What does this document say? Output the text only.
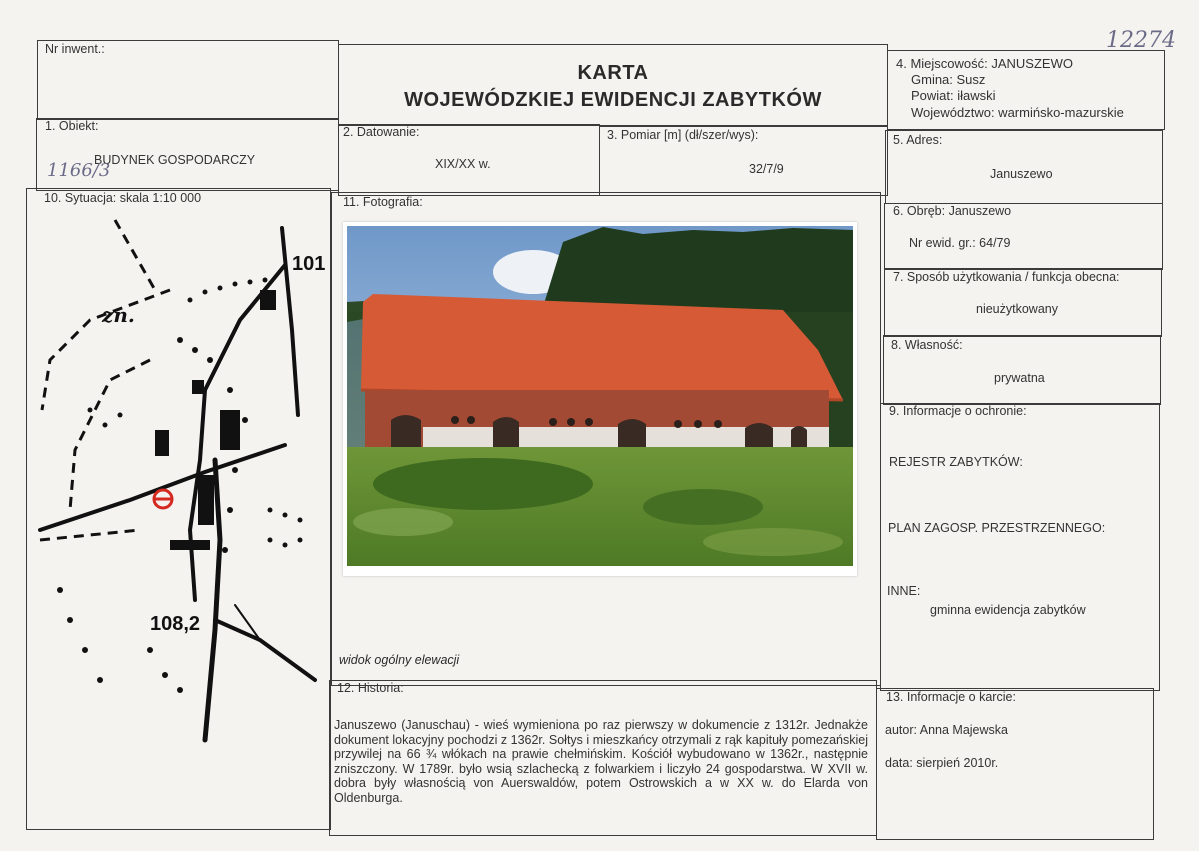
12274
Nr inwent.:
KARTA
WOJEWÓDZKIEJ EWIDENCJI ZABYTKÓW
4. Miejscowość: JANUSZEWO
Gmina: Susz
Powiat: iławski
Województwo: warmińsko-mazurskie
1. Obiekt:
BUDYNEK GOSPODARCZY
1166/3
2. Datowanie:
XIX/XX w.
3. Pomiar [m] (dł/szer/wys):
32/7/9
5. Adres:
Januszewo
10. Sytuacja: skala 1:10 000
101
zn.
108,2
11. Fotografia:
widok ogólny elewacji
6. Obręb: Januszewo
Nr ewid. gr.: 64/79
7. Sposób użytkowania / funkcja obecna:
nieużytkowany
8. Własność:
prywatna
9. Informacje o ochronie:
REJESTR ZABYTKÓW:
PLAN ZAGOSP. PRZESTRZENNEGO:
INNE:
gminna ewidencja zabytków
12. Historia:
Januszewo (Januschau) - wieś wymieniona po raz pierwszy w dokumencie z 1312r. Jednakże dokument lokacyjny pochodzi z 1362r. Sołtys i mieszkańcy otrzymali z rąk kapituły pomezańskiej przywilej na 66 ¾ włókach na prawie chełmińskim. Kościół wybudowano w 1362r., następnie zniszczony. W 1789r. było wsią szlachecką z folwarkiem i liczyło 24 gospodarstwa. W XVII w. dobra były własnością von Auerswaldów, potem Ostrowskich a w XX w. do Elarda von Oldenburga.
13. Informacje o karcie:
autor: Anna Majewska
data: sierpień 2010r.
